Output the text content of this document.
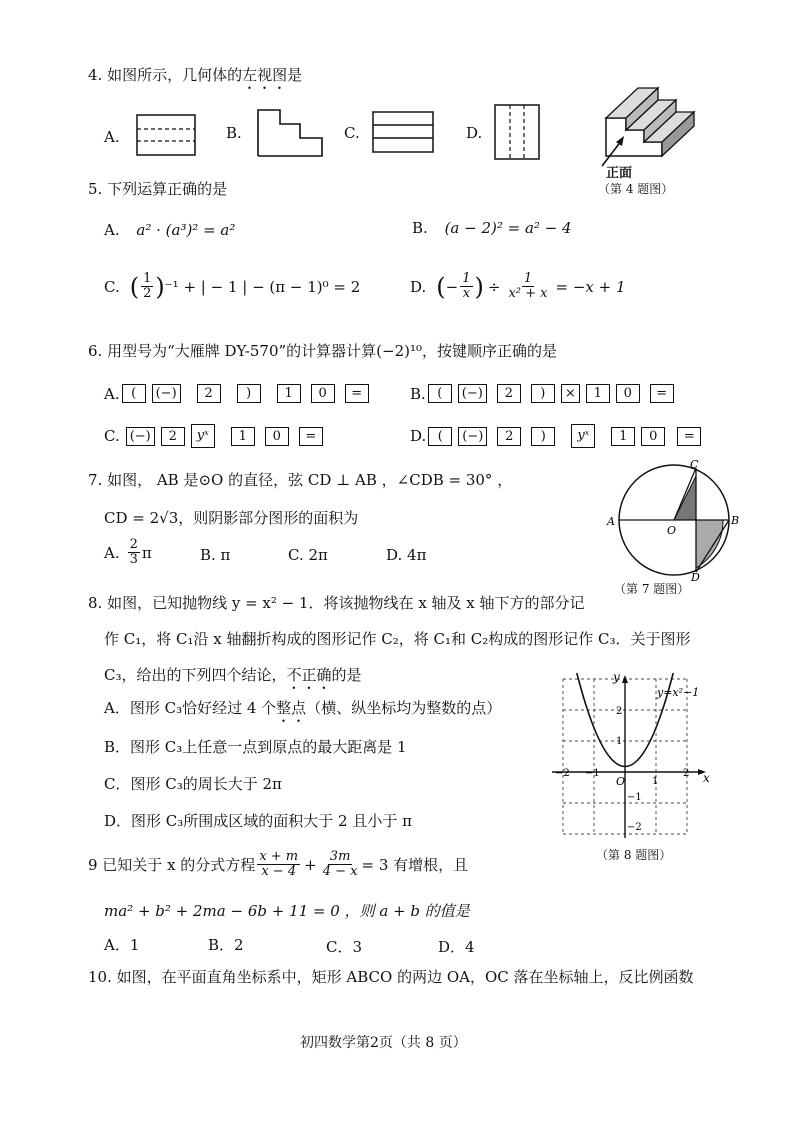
4. 如图所示，几何体的左视图是
A.	B.	C.	D.
正面
（第 4 题图）
5. 下列运算正确的是
A. a² · (a³)² = a²	B. (a − 2)² = a² − 4
C. ( $\frac{1}{2}$ ) ⁻¹ + | − 1 | − (π − 1)⁰ = 2	D. ( − $\frac{1}{x}$ ) ÷ $\frac{1}{\text{x² + x}} = -x + 1$
6. 用型号为“大雁牌 DY-570”的计算器计算(−2)¹⁰，按键顺序正确的是
A. (	(−)	2	)	1	0	=	B. (	(−)	2	)	×	1	0	=
C. (−)	2	yˣ	1	0	=	D. (	(−)	2	)	yˣ	1	0	=
7. 如图， AB 是⊙O 的直径，弦 CD ⊥ AB ，∠CDB = 30° ，
CD = 2√3，则阴影部分图形的面积为
A. $\frac{2}{3}$ π	B. π	C. 2π	D. 4π
C
A
O
B
D
（第 7 题图）
8. 如图，已知抛物线 y = x² − 1．将该抛物线在 x 轴及 x 轴下方的部分记
作 C₁，将 C₁沿 x 轴翻折构成的图形记作 C₂，将 C₁和 C₂构成的图形记作 C₃．关于图形
C₃，给出的下列四个结论，不正确的是
A．图形 C₃恰好经过 4 个整点（横、纵坐标均为整数的点）
B．图形 C₃上任意一点到原点的最大距离是 1
C．图形 C₃的周长大于 2π
D．图形 C₃所围成区域的面积大于 2 且小于 π
y
x
y=x²−1
O
−2 −1
1
2
2
1
−1
−2
（第 8 题图）
9 已知关于 x 的分式方程 $\frac{x + m}{x - 4} + \frac{3m}{4 - x} = 3$ 有增根，且
ma² + b² + 2ma − 6b + 11 = 0 ，则 a + b 的值是
A．1	B．2	C．3	D．4
10. 如图，在平面直角坐标系中，矩形 ABCO 的两边 OA，OC 落在坐标轴上，反比例函数
初四数学第2页（共 8 页）
